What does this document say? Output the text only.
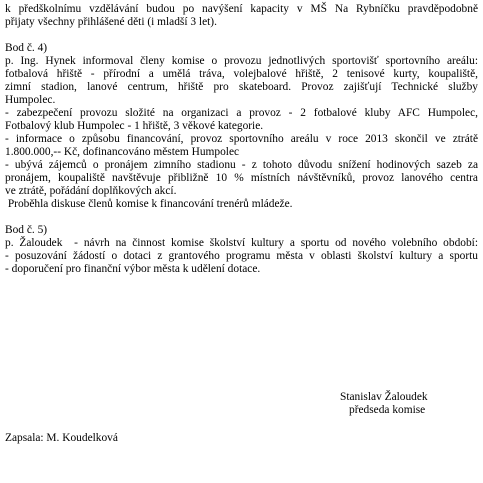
k předškolnímu vzdělávání budou po navýšení kapacity v MŠ Na Rybníčku pravděpodobně
přijaty všechny přihlášené děti (i mladší 3 let).
Bod č. 4)
p. Ing. Hynek informoval členy komise o provozu jednotlivých sportovišť sportovního areálu:
fotbalová hřiště - přírodní a umělá tráva, volejbalové hřiště, 2 tenisové kurty, koupaliště,
zimní stadion, lanové centrum, hřiště pro skateboard. Provoz zajišťují Technické služby
Humpolec.
- zabezpečení provozu složité na organizaci a provoz - 2 fotbalové kluby AFC Humpolec,
Fotbalový klub Humpolec - 1 hřiště, 3 věkové kategorie.
- informace o způsobu financování, provoz sportovního areálu v roce 2013 skončil ve ztrátě
1.800.000,-- Kč, dofinancováno městem Humpolec
- ubývá zájemců o pronájem zimního stadionu - z tohoto důvodu snížení hodinových sazeb za
pronájem, koupaliště navštěvuje přibližně 10 % místních návštěvníků, provoz lanového centra
ve ztrátě, pořádání doplňkových akcí.
Proběhla diskuse členů komise k financování trenérů mládeže.
Bod č. 5)
p. Žaloudek  - návrh na činnost komise školství kultury a sportu od nového volebního období:
- posuzování žádostí o dotaci z grantového programu města v oblasti školství kultury a sportu
- doporučení pro finanční výbor města k udělení dotace.
Stanislav Žaloudek
předseda komise
Zapsala: M. Koudelková
